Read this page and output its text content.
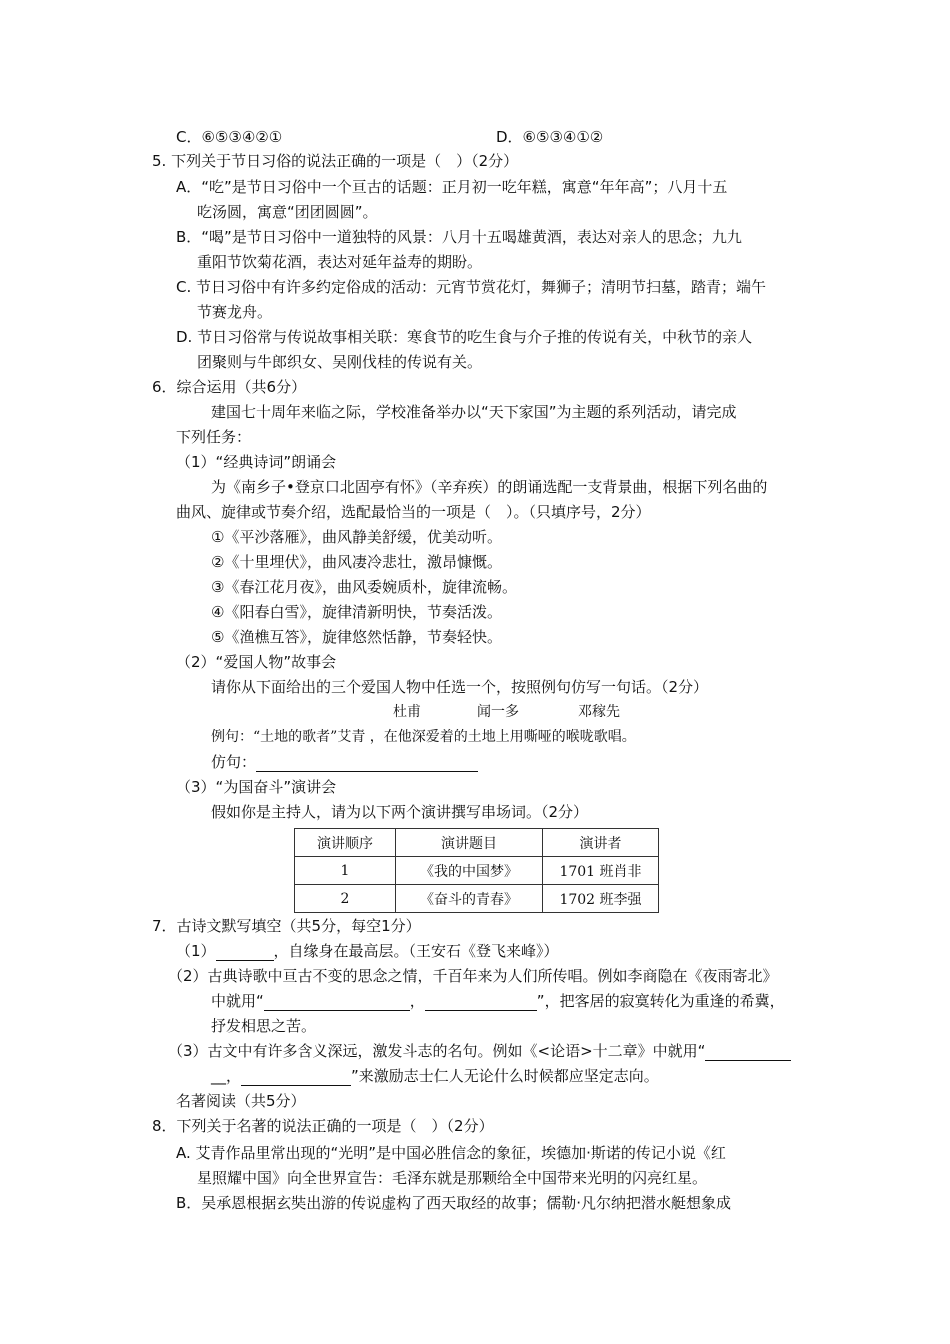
C．⑥⑤③④②①	D．⑥⑤③④①②
5. 下列关于节日习俗的说法正确的一项是（　）（2分）
A．“吃”是节日习俗中一个亘古的话题：正月初一吃年糕，寓意“年年高”；八月十五
吃汤圆，寓意“团团圆圆”。
B．“喝”是节日习俗中一道独特的风景：八月十五喝雄黄酒，表达对亲人的思念；九九
重阳节饮菊花酒，表达对延年益寿的期盼。
C. 节日习俗中有许多约定俗成的活动：元宵节赏花灯，舞狮子；清明节扫墓，踏青；端午
节赛龙舟。
D. 节日习俗常与传说故事相关联：寒食节的吃生食与介子推的传说有关，中秋节的亲人
团聚则与牛郎织女、吴刚伐桂的传说有关。
6．综合运用（共6分）
建国七十周年来临之际，学校准备举办以“天下家国”为主题的系列活动，请完成
下列任务：
（1）“经典诗词”朗诵会
为《南乡子•登京口北固亭有怀》（辛弃疾）的朗诵选配一支背景曲，根据下列名曲的
曲风、旋律或节奏介绍，选配最恰当的一项是（　）。（只填序号，2分）
①《平沙落雁》，曲风静美舒缓，优美动听。
②《十里埋伏》，曲风凄冷悲壮，激昂慷慨。
③《春江花月夜》，曲风委婉质朴，旋律流畅。
④《阳春白雪》，旋律清新明快，节奏活泼。
⑤《渔樵互答》，旋律悠然恬静，节奏轻快。
（2）“爱国人物”故事会
请你从下面给出的三个爱国人物中任选一个，按照例句仿写一句话。（2分）
杜甫	闻一多	邓稼先
例句：“土地的歌者”艾青 ，在他深爱着的土地上用嘶哑的喉咙歌唱。
仿句：
（3）“为国奋斗”演讲会
假如你是主持人，请为以下两个演讲撰写串场词。（2分）
演讲顺序	演讲题目	演讲者
1	《我的中国梦》	1701 班肖非
2	《奋斗的青春》	1702 班李强
7．古诗文默写填空（共5分，每空1分）
（1）	，自缘身在最高层。（王安石《登飞来峰》）
（2）古典诗歌中亘古不变的思念之情，千百年来为人们所传唱。例如李商隐在《夜雨寄北》
中就用“	，	”，把客居的寂寞转化为重逢的希冀，
抒发相思之苦。
（3）古文中有许多含义深远，激发斗志的名句。例如《<论语>十二章》中就用“
__，	”来激励志士仁人无论什么时候都应坚定志向。
名著阅读（共5分）
8．下列关于名著的说法正确的一项是（　）（2分）
A. 艾青作品里常出现的“光明”是中国必胜信念的象征，埃德加·斯诺的传记小说《红
星照耀中国》向全世界宣告：毛泽东就是那颗给全中国带来光明的闪亮红星。
B．吴承恩根据玄奘出游的传说虚构了西天取经的故事；儒勒·凡尔纳把潜水艇想象成
